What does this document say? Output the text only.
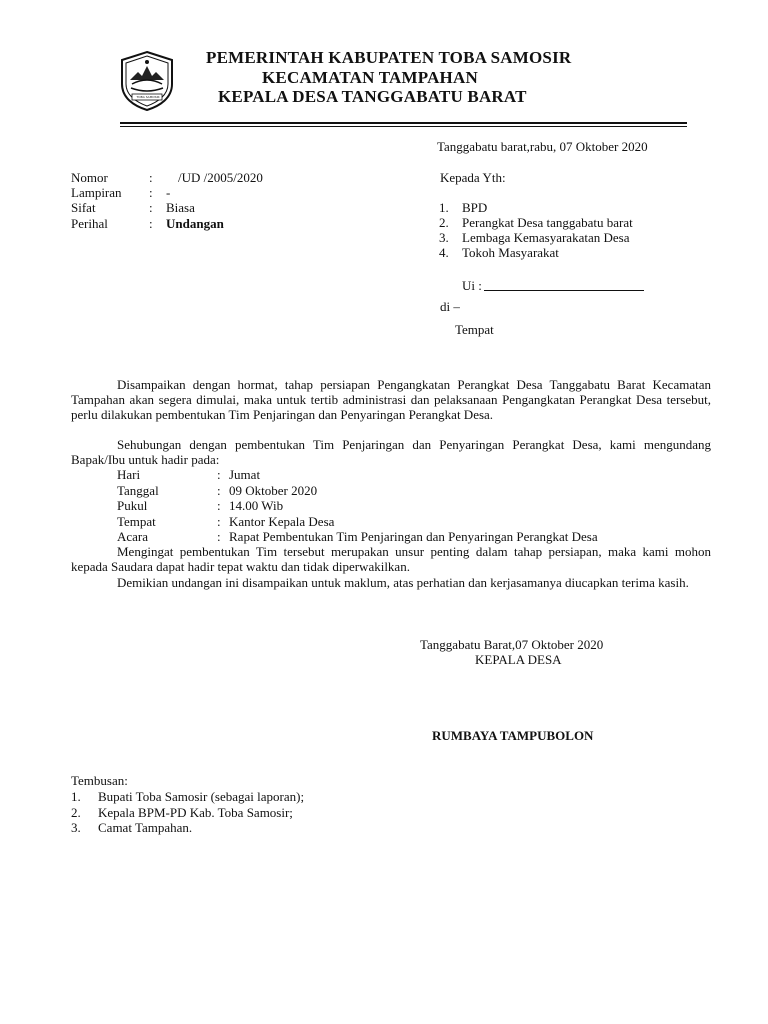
TOBA SAMOSIR
PEMERINTAH KABUPATEN TOBA SAMOSIR
KECAMATAN TAMPAHAN
KEPALA DESA TANGGABATU BARAT
Tanggabatu barat,rabu, 07 Oktober 2020
Nomor	: /UD /2005/2020
Lampiran : -
Sifat	: Biasa
Perihal	: Undangan
Kepada Yth:
1. BPD
2. Perangkat Desa tanggabatu barat
3. Lembaga Kemasyarakatan Desa
4. Tokoh Masyarakat
Ui :
di –
Tempat
Disampaikan dengan hormat, tahap persiapan Pengangkatan Perangkat Desa Tanggabatu Barat Kecamatan Tampahan akan segera dimulai, maka untuk tertib administrasi dan pelaksanaan Pengangkatan Perangkat Desa tersebut, perlu dilakukan pembentukan Tim Penjaringan dan Penyaringan Perangkat Desa.
Sehubungan dengan pembentukan Tim Penjaringan dan Penyaringan Perangkat Desa, kami mengundang Bapak/Ibu untuk hadir pada:
Hari	: Jumat
Tanggal	: 09 Oktober 2020
Pukul	: 14.00 Wib
Tempat	: Kantor Kepala Desa
Acara	: Rapat Pembentukan Tim Penjaringan dan Penyaringan Perangkat Desa
Mengingat pembentukan Tim tersebut merupakan unsur penting dalam tahap persiapan, maka kami mohon kepada Saudara dapat hadir tepat waktu dan tidak diperwakilkan.
Demikian undangan ini disampaikan untuk maklum, atas perhatian dan kerjasamanya diucapkan terima kasih.
Tanggabatu Barat,07 Oktober 2020
KEPALA DESA
RUMBAYA TAMPUBOLON
Tembusan:
1. Bupati Toba Samosir (sebagai laporan);
2. Kepala BPM-PD Kab. Toba Samosir;
3. Camat Tampahan.
